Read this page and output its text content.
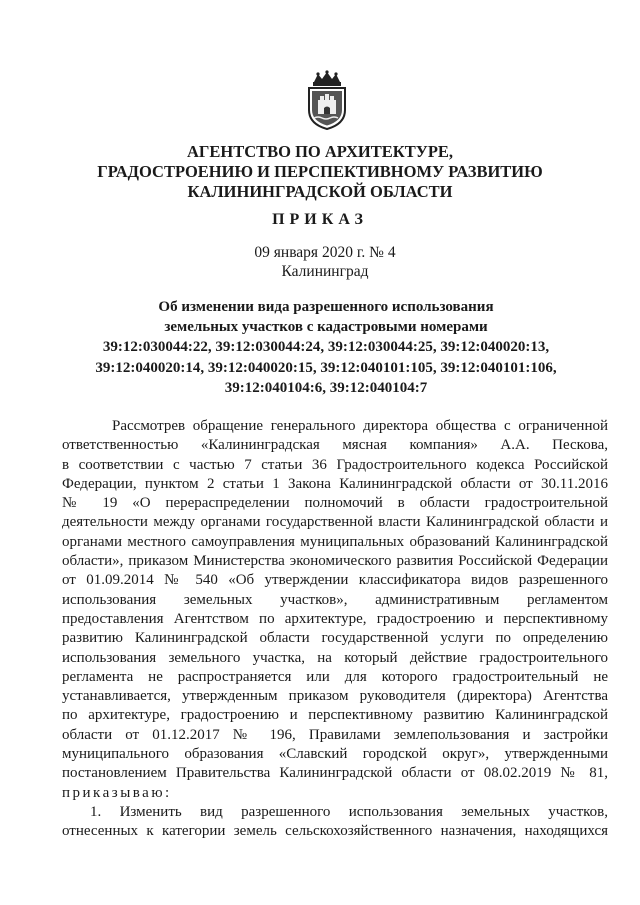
АГЕНТСТВО ПО АРХИТЕКТУРЕ,
ГРАДОСТРОЕНИЮ И ПЕРСПЕКТИВНОМУ РАЗВИТИЮ
КАЛИНИНГРАДСКОЙ ОБЛАСТИ
ПРИКАЗ
09 января 2020 г. № 4
Калининград
Об изменении вида разрешенного использования
земельных участков с кадастровыми номерами
39:12:030044:22, 39:12:030044:24, 39:12:030044:25, 39:12:040020:13,
39:12:040020:14, 39:12:040020:15, 39:12:040101:105, 39:12:040101:106,
39:12:040104:6, 39:12:040104:7
Рассмотрев обращение генерального директора общества с ограниченной
ответственностью «Калининградская мясная компания» А.А. Пескова,
в соответствии с частью 7 статьи 36 Градостроительного кодекса Российской
Федерации, пунктом 2 статьи 1 Закона Калининградской области от 30.11.2016
№ 19 «О перераспределении полномочий в области градостроительной
деятельности между органами государственной власти Калининградской области и
органами местного самоуправления муниципальных образований Калининградской
области», приказом Министерства экономического развития Российской Федерации
от 01.09.2014 № 540 «Об утверждении классификатора видов разрешенного
использования земельных участков», административным регламентом
предоставления Агентством по архитектуре, градостроению и перспективному
развитию Калининградской области государственной услуги по определению
использования земельного участка, на который действие градостроительного
регламента не распространяется или для которого градостроительный не
устанавливается, утвержденным приказом руководителя (директора) Агентства
по архитектуре, градостроению и перспективному развитию Калининградской
области от 01.12.2017 № 196, Правилами землепользования и застройки
муниципального образования «Славский городской округ», утвержденными
постановлением Правительства Калининградской области от 08.02.2019 № 81,
приказываю:
1. Изменить вид разрешенного использования земельных участков,
отнесенных к категории земель сельскохозяйственного назначения, находящихся
